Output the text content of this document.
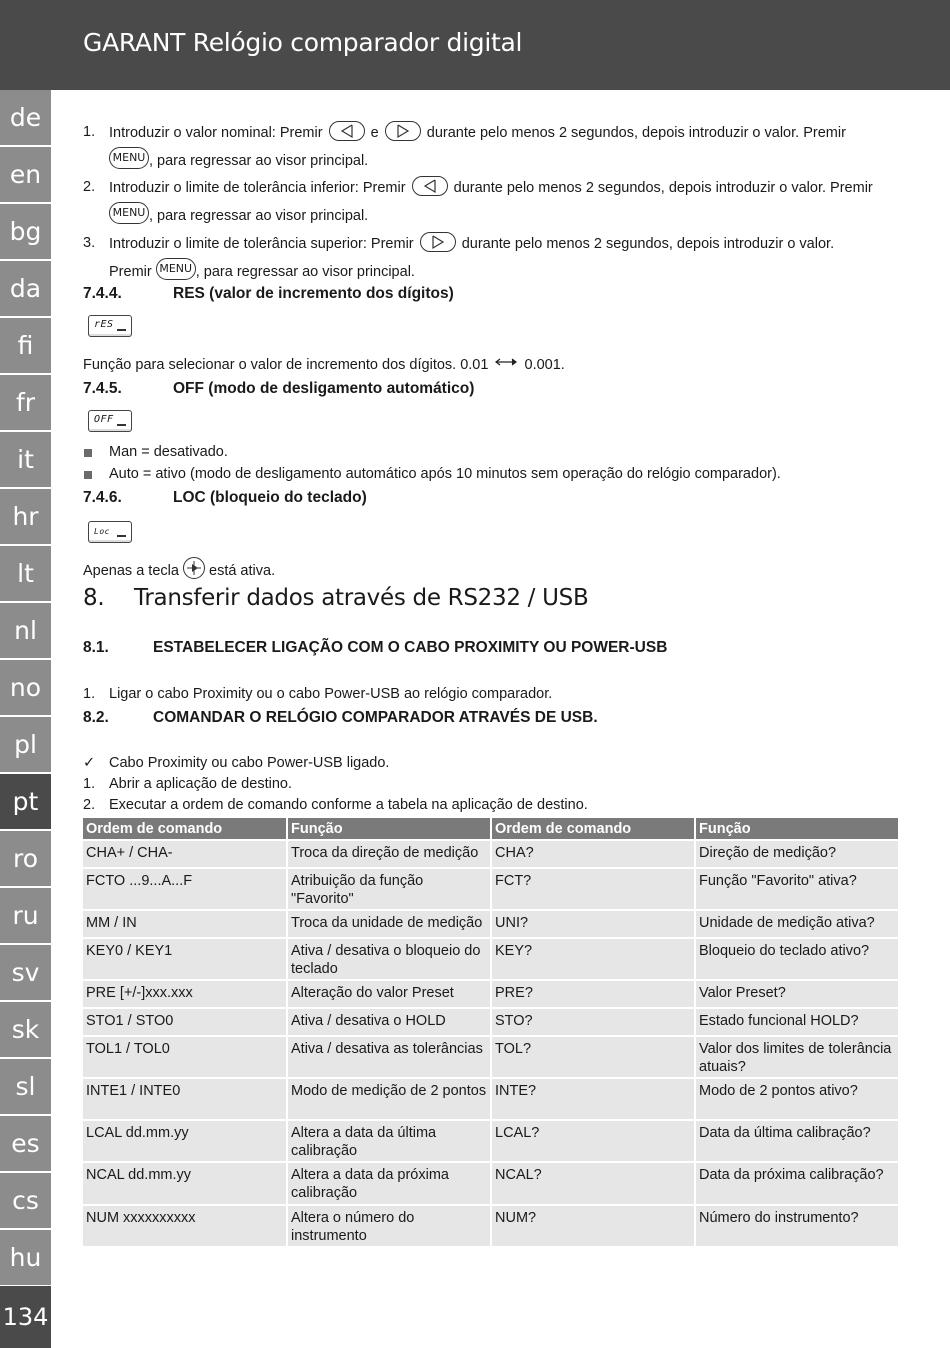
GARANT Relógio comparador digital
de
en
bg
da
fi
fr
it
hr
lt
nl
no
pl
pt
ro
ru
sv
sk
sl
es
cs
hu
134
1. Introduzir o valor nominal: Premir	e	durante pelo menos 2 segundos, depois introduzir o valor. Premir
MENU , para regressar ao visor principal.
2. Introduzir o limite de tolerância inferior: Premir	durante pelo menos 2 segundos, depois introduzir o valor. Premir
MENU , para regressar ao visor principal.
3. Introduzir o limite de tolerância superior: Premir	durante pelo menos 2 segundos, depois introduzir o valor.
Premir MENU , para regressar ao visor principal.
7.4.4.	RES (valor de incremento dos dígitos)
rES
Função para selecionar o valor de incremento dos dígitos. 0.01 0.001.
7.4.5.	OFF (modo de desligamento automático)
OFF
Man = desativado.
Auto = ativo (modo de desligamento automático após 10 minutos sem operação do relógio comparador).
7.4.6.	LOC (bloqueio do teclado)
Loc
Apenas a tecla está ativa.
8. Transferir dados através de RS232 / USB
8.1.	ESTABELECER LIGAÇÃO COM O CABO PROXIMITY OU POWER-USB
1. Ligar o cabo Proximity ou o cabo Power-USB ao relógio comparador.
8.2.	COMANDAR O RELÓGIO COMPARADOR ATRAVÉS DE USB.
✓ Cabo Proximity ou cabo Power-USB ligado.
1. Abrir a aplicação de destino.
2. Executar a ordem de comando conforme a tabela na aplicação de destino.
Ordem de comando	Função	Ordem de comando	Função
CHA+ / CHA-	Troca da direção de medição	CHA?	Direção de medição?
FCTO ...9...A...F	Atribuição da função "Favorito"	FCT?	Função "Favorito" ativa?
MM / IN	Troca da unidade de medição	UNI?	Unidade de medição ativa?
KEY0 / KEY1	Ativa / desativa o bloqueio do teclado	KEY?	Bloqueio do teclado ativo?
PRE [+/-]xxx.xxx	Alteração do valor Preset	PRE?	Valor Preset?
STO1 / STO0	Ativa / desativa o HOLD	STO?	Estado funcional HOLD?
TOL1 / TOL0	Ativa / desativa as tolerâncias	TOL?	Valor dos limites de tolerância atuais?
INTE1 / INTE0	Modo de medição de 2 pontos	INTE?	Modo de 2 pontos ativo?
LCAL dd.mm.yy	Altera a data da última calibração	LCAL?	Data da última calibração?
NCAL dd.mm.yy	Altera a data da próxima calibração	NCAL?	Data da próxima calibração?
NUM xxxxxxxxxx	Altera o número do instrumento	NUM?	Número do instrumento?
